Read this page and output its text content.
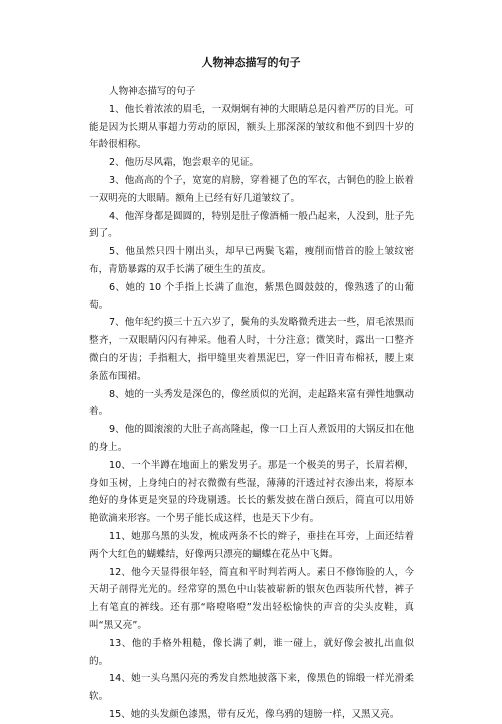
人物神态描写的句子

人物神态描写的句子

1、他长着浓浓的眉毛，一双炯炯有神的大眼睛总是闪着严厉的目光。可能是因为长期从事超力劳动的原因，额头上那深深的皱纹和他不到四十岁的年龄很相称。

2、他历尽风霜，饱尝艰辛的见证。

3、他高高的个子，宽宽的肩膀，穿着褪了色的军衣，古铜色的脸上嵌着一双明亮的大眼睛。额角上已经有好几道皱纹了。

4、他浑身都是圆圆的，特别是肚子像酒桶一般凸起来，人没到，肚子先到了。

5、他虽然只四十刚出头，却早已两鬓飞霜，瘦削而惜首的脸上皱纹密布，青筋暴露的双手长满了硬生生的茧皮。

6、她的 10 个手指上长满了血泡，紫黑色圆鼓鼓的，像熟透了的山葡萄。

7、他年纪约摸三十五六岁了，鬓角的头发略微秃进去一些，眉毛浓黑而整齐，一双眼睛闪闪有神采。他看人时，十分注意；微笑时，露出一口整齐微白的牙齿；手指粗大，指甲缝里夹着黑泥巴，穿一件旧青布棉袄，腰上束条蓝布围裙。

8、她的一头秀发是深色的，像丝质似的光润，走起路来富有弹性地飘动着。

9、他的圆滚滚的大肚子高高隆起，像一口上百人煮饭用的大锅反扣在他的身上。

10、一个半蹲在地面上的紫发男子。那是一个极美的男子，长眉若柳，身如玉树，上身纯白的衬衣微微有些湿，薄薄的汗透过衬衣渗出来，将原本绝好的身体更是突显的玲珑剔透。长长的紫发披在凿白颈后，简直可以用娇艳欲滴来形容。一个男子能长成这样，也是天下少有。

11、她那乌黑的头发，梳成两条不长的辫子，垂挂在耳旁，上面还结着两个大红色的蝴蝶结，好像两只漂亮的蝴蝶在花丛中飞舞。

12、他今天显得很年轻，简直和平时判若两人。素日不修饰脸的人，今天胡子剖得光光的。经常穿的黑色中山装被崭新的银灰色西装所代替，裤子上有笔直的裤线。还有那“咯噔咯噔”发出轻松愉快的声音的尖头皮鞋，真叫“黑又亮”。

13、他的手格外粗糙，像长满了刺，谁一碰上，就好像会被扎出血似的。

14、她一头乌黑闪亮的秀发自然地披落下来，像黑色的锦缎一样光滑柔软。

15、她的头发颜色漆黑，带有反光，像乌鸦的翅膀一样，又黑又亮。
